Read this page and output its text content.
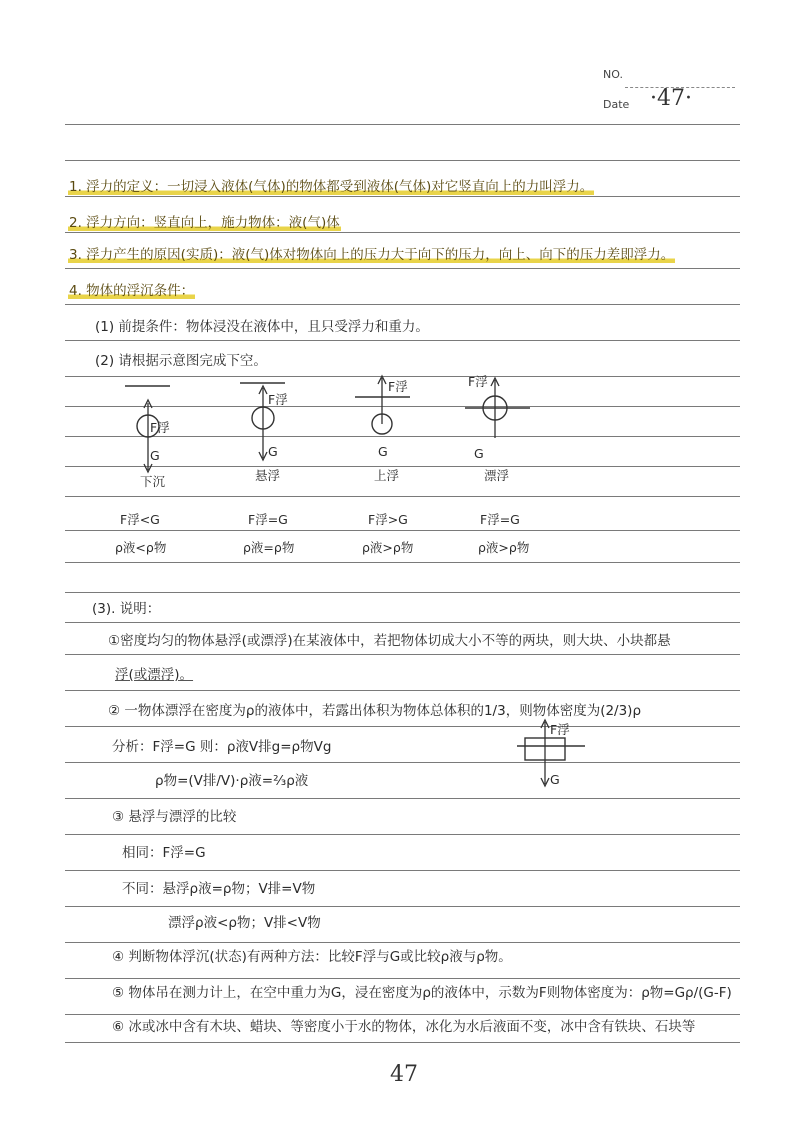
NO.
Date ·47·
1. 浮力的定义：一切浸入液体(气体)的物体都受到液体(气体)对它竖直向上的力叫浮力。
2. 浮力方向：竖直向上，施力物体：液(气)体
3. 浮力产生的原因(实质)：液(气)体对物体向上的压力大于向下的压力，向上、向下的压力差即浮力。
4. 物体的浮沉条件：
(1) 前提条件：物体浸没在液体中，且只受浮力和重力。
(2) 请根据示意图完成下空。
F浮
G
下沉
F浮<G
ρ液<ρ物
F浮
G
悬浮
F浮=G
ρ液=ρ物
F浮
G
上浮
F浮>G
ρ液>ρ物
F浮
G
漂浮
F浮=G
ρ液>ρ物
(3). 说明：
①密度均匀的物体悬浮(或漂浮)在某液体中，若把物体切成大小不等的两块，则大块、小块都悬
浮(或漂浮)。
② 一物体漂浮在密度为ρ的液体中，若露出体积为物体总体积的1/3，则物体密度为(2/3)ρ
分析：F浮=G 则：ρ液V排g=ρ物Vg
ρ物=(V排/V)·ρ液=⅔ρ液
F浮
G
③ 悬浮与漂浮的比较
相同：F浮=G
不同：悬浮ρ液=ρ物；V排=V物
漂浮ρ液<ρ物；V排<V物
④ 判断物体浮沉(状态)有两种方法：比较F浮与G或比较ρ液与ρ物。
⑤ 物体吊在测力计上，在空中重力为G，浸在密度为ρ的液体中，示数为F则物体密度为：ρ物=Gρ/(G-F)
⑥ 冰或冰中含有木块、蜡块、等密度小于水的物体，冰化为水后液面不变，冰中含有铁块、石块等
47
